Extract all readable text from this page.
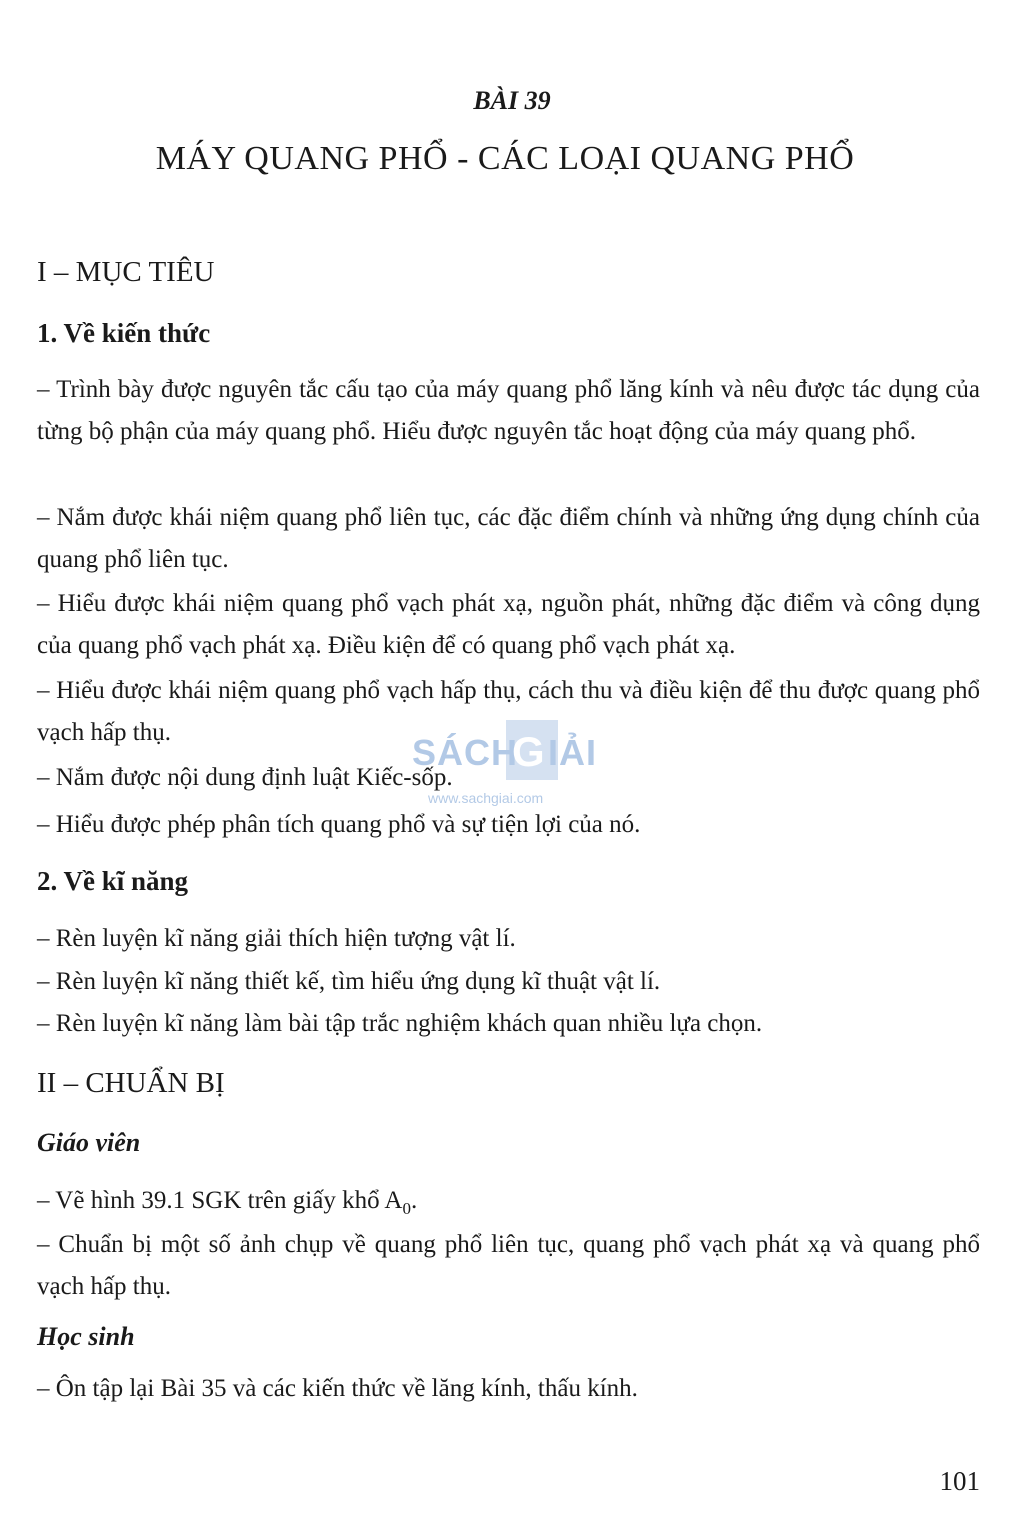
BÀI 39
MÁY QUANG PHỔ - CÁC LOẠI QUANG PHỔ
I – MỤC TIÊU
1. Về kiến thức

– Trình bày được nguyên tắc cấu tạo của máy quang phổ lăng kính và nêu được tác dụng của từng bộ phận của máy quang phổ. Hiểu được nguyên tắc hoạt động của máy quang phổ.

– Nắm được khái niệm quang phổ liên tục, các đặc điểm chính và những ứng dụng chính của quang phổ liên tục.

– Hiểu được khái niệm quang phổ vạch phát xạ, nguồn phát, những đặc điểm và công dụng của quang phổ vạch phát xạ. Điều kiện để có quang phổ vạch phát xạ.

– Hiểu được khái niệm quang phổ vạch hấp thụ, cách thu và điều kiện để thu được quang phổ vạch hấp thụ.

– Nắm được nội dung định luật Kiếc-sốp.

– Hiểu được phép phân tích quang phổ và sự tiện lợi của nó.

2. Về kĩ năng

– Rèn luyện kĩ năng giải thích hiện tượng vật lí.

– Rèn luyện kĩ năng thiết kế, tìm hiểu ứng dụng kĩ thuật vật lí.

– Rèn luyện kĩ năng làm bài tập trắc nghiệm khách quan nhiều lựa chọn.

II – CHUẨN BỊ
Giáo viên

– Vẽ hình 39.1 SGK trên giấy khổ $A_0$.

– Chuẩn bị một số ảnh chụp về quang phổ liên tục, quang phổ vạch phát xạ và quang phổ vạch hấp thụ.

Học sinh

– Ôn tập lại Bài 35 và các kiến thức về lăng kính, thấu kính.

SÁCH
G IẢI
www.sachgiai.com
101
